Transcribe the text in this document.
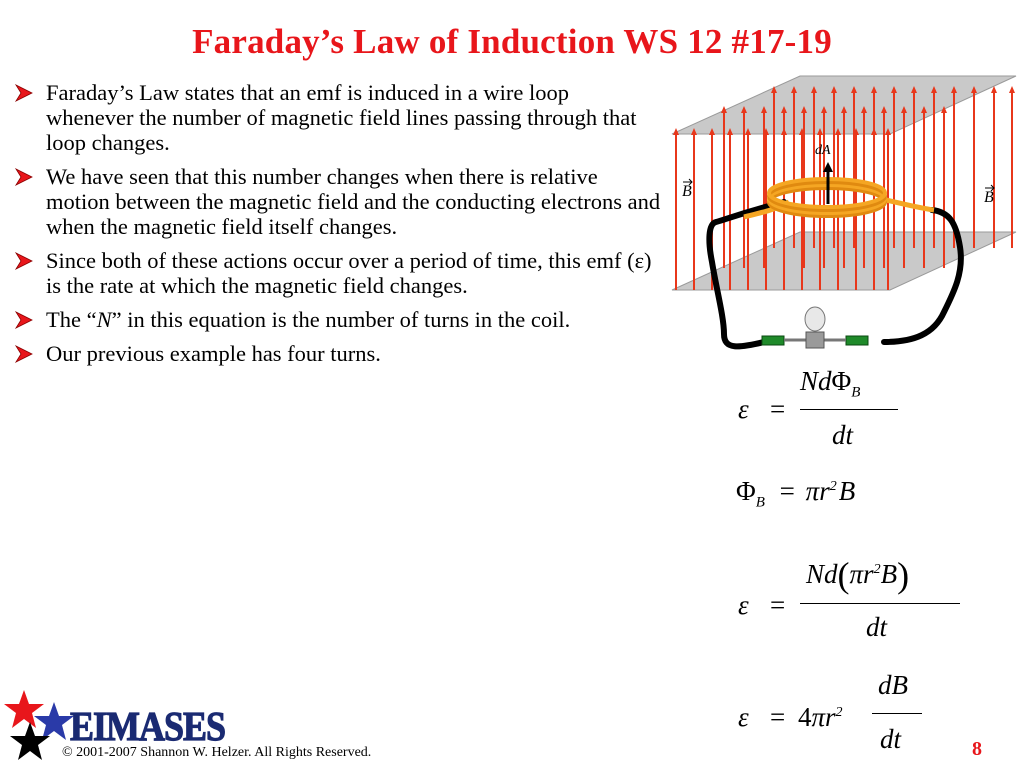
Faraday’s Law of Induction WS 12 #17-19
Faraday’s Law states that an emf is induced in a wire loop whenever the number of magnetic field lines passing through that loop changes.
We have seen that this number changes when there is relative motion between the magnetic field and the conducting electrons and when the magnetic field itself changes.
Since both of these actions occur over a period of time, this emf (ε) is the rate at which the magnetic field changes.
The “N” in this equation is the number of turns in the coil.
Our previous example has four turns.
dA
B	B
ε =
NdΦ$_B$
dt
$\Phi_B = \pi r^2B$
ε =
$Nd(\pi r^2B)$
dt
$\varepsilon = 4\pi r^2$
dB
dt
EIMASES
© 2001-2007 Shannon W. Helzer. All Rights Reserved.	8
